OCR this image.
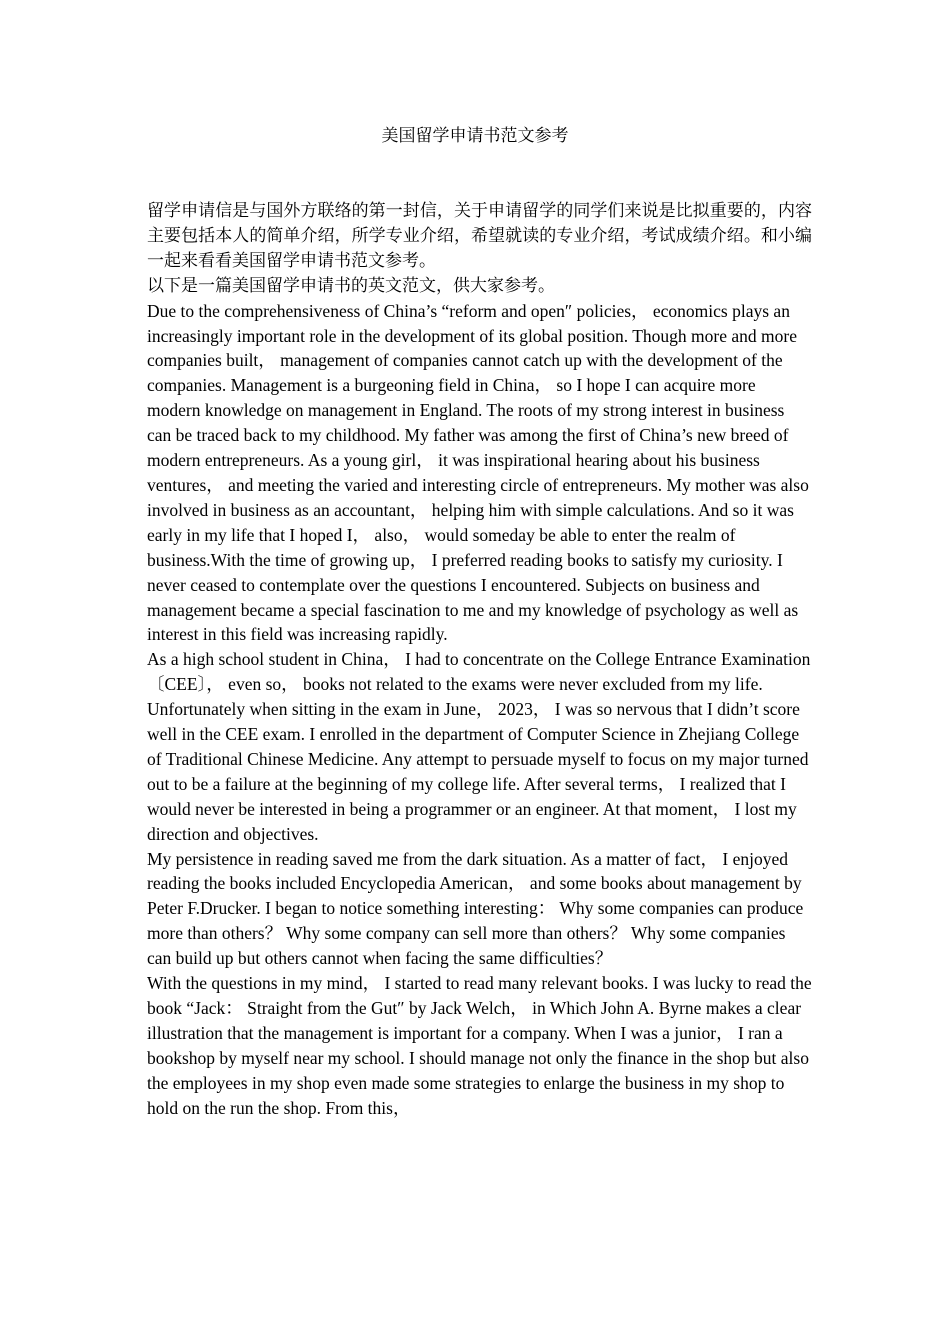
美国留学申请书范文参考

留学申请信是与国外方联络的第一封信，关于申请留学的同学们来说是比拟重要的，内容主要包括本人的简单介绍，所学专业介绍，希望就读的专业介绍，考试成绩介绍。和小编一起来看看美国留学申请书范文参考。

以下是一篇美国留学申请书的英文范文，供大家参考。

Due to the comprehensiveness of China’s “reform and open″ policies， economics plays an increasingly important role in the development of its global position. Though more and more companies built， management of companies cannot catch up with the development of the companies. Management is a burgeoning field in China， so I hope I can acquire more modern knowledge on management in England. The roots of my strong interest in business can be traced back to my childhood. My father was among the first of China’s new breed of modern entrepreneurs. As a young girl， it was inspirational hearing about his business ventures， and meeting the varied and interesting circle of entrepreneurs. My mother was also involved in business as an accountant， helping him with simple calculations. And so it was early in my life that I hoped I， also， would someday be able to enter the realm of business.With the time of growing up， I preferred reading books to satisfy my curiosity. I never ceased to contemplate over the questions I encountered. Subjects on business and management became a special fascination to me and my knowledge of psychology as well as interest in this field was increasing rapidly.

As a high school student in China， I had to concentrate on the College Entrance Examination 〔CEE〕， even so， books not related to the exams were never excluded from my life. Unfortunately when sitting in the exam in June， 2023， I was so nervous that I didn’t score well in the CEE exam. I enrolled in the department of Computer Science in Zhejiang College of Traditional Chinese Medicine. Any attempt to persuade myself to focus on my major turned out to be a failure at the beginning of my college life. After several terms， I realized that I would never be interested in being a programmer or an engineer. At that moment， I lost my direction and objectives.

My persistence in reading saved me from the dark situation. As a matter of fact， I enjoyed reading the books included Encyclopedia American， and some books about management by Peter F.Drucker. I began to notice something interesting： Why some companies can produce more than others？ Why some company can sell more than others？ Why some companies can build up but others cannot when facing the same difficulties？

With the questions in my mind， I started to read many relevant books. I was lucky to read the book “Jack： Straight from the Gut″ by Jack Welch， in Which John A. Byrne makes a clear illustration that the management is important for a company. When I was a junior， I ran a bookshop by myself near my school. I should manage not only the finance in the shop but also the employees in my shop even made some strategies to enlarge the business in my shop to hold on the run the shop. From this，
